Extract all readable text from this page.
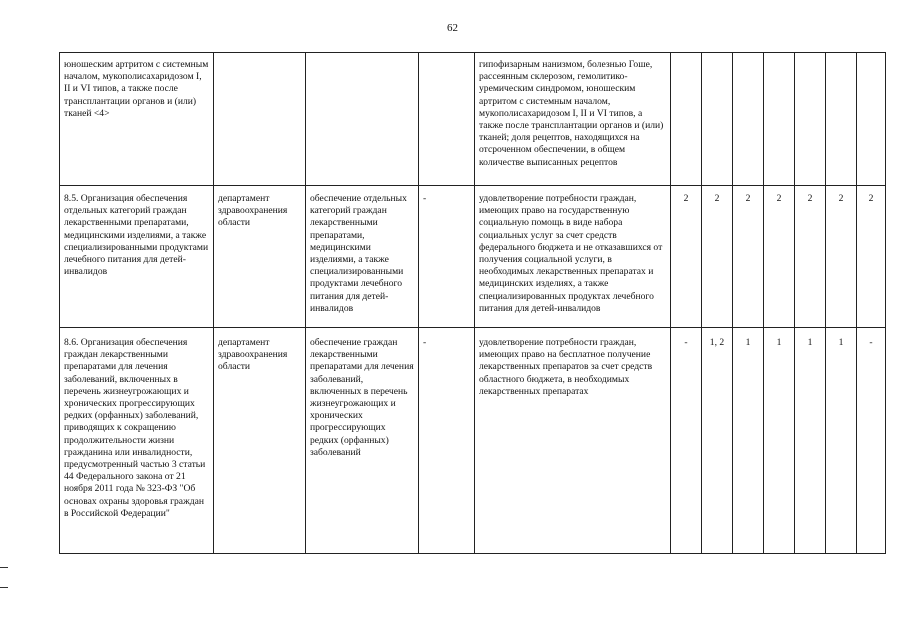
62
юношеским артритом с системным началом, мукополисахаридозом I, II и VI типов, а также после трансплантации органов и (или) тканей <4>				гипофизарным нанизмом, болезнью Гоше, рассеянным склерозом, гемолитико-уремическим синдромом, юношеским артритом с системным началом, мукополисахаридозом I, II и VI типов, а также после трансплантации органов и (или) тканей; доля рецептов, находящихся на отсроченном обеспечении, в общем количестве выписанных рецептов							
8.5. Организация обеспечения отдельных категорий граждан лекарственными препаратами, медицинскими изделиями, а также специализированными продуктами лечебного питания для детей-инвалидов	департамент здравоохранения области	обеспечение отдельных категорий граждан лекарственными препаратами, медицинскими изделиями, а также специализированными продуктами лечебного питания для детей-инвалидов	-	удовлетворение потребности граждан, имеющих право на государственную социальную помощь в виде набора социальных услуг за счет средств федерального бюджета и не отказавшихся от получения социальной услуги, в необходимых лекарственных препаратах и медицинских изделиях, а также специализированных продуктах лечебного питания для детей-инвалидов	2	2	2	2	2	2	2
8.6. Организация обеспечения граждан лекарственными препаратами для лечения заболеваний, включенных в перечень жизнеугрожающих и хронических прогрессирующих редких (орфанных) заболеваний, приводящих к сокращению продолжительности жизни гражданина или инвалидности, предусмотренный частью 3 статьи 44 Федерального закона от 21 ноября 2011 года № 323-ФЗ "Об основах охраны здоровья граждан в Российской Федерации"	департамент здравоохранения области	обеспечение граждан лекарственными препаратами для лечения заболеваний, включенных в перечень жизнеугрожающих и хронических прогрессирующих редких (орфанных) заболеваний	-	удовлетворение потребности граждан, имеющих право на бесплатное получение лекарственных препаратов за счет средств областного бюджета, в необходимых лекарственных препаратах	-	1, 2	1	1	1	1	-
